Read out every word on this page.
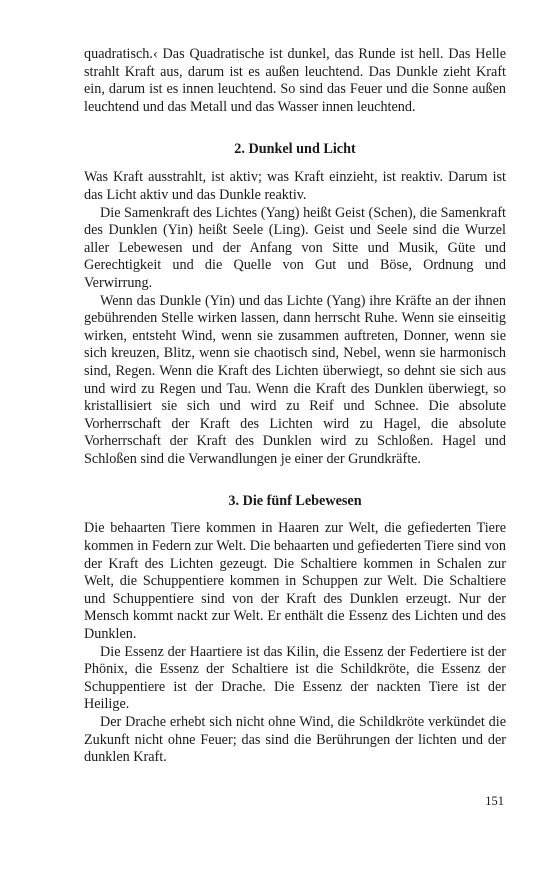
quadratisch.‹ Das Quadratische ist dunkel, das Runde ist hell. Das Helle strahlt Kraft aus, darum ist es außen leuchtend. Das Dunkle zieht Kraft ein, darum ist es innen leuchtend. So sind das Feuer und die Sonne außen leuchtend und das Metall und das Wasser innen leuchtend.

2. Dunkel und Licht

Was Kraft ausstrahlt, ist aktiv; was Kraft einzieht, ist reaktiv. Darum ist das Licht aktiv und das Dunkle reaktiv.

Die Samenkraft des Lichtes (Yang) heißt Geist (Schen), die Samenkraft des Dunklen (Yin) heißt Seele (Ling). Geist und Seele sind die Wurzel aller Lebewesen und der Anfang von Sitte und Musik, Güte und Gerechtigkeit und die Quelle von Gut und Böse, Ordnung und Verwirrung.

Wenn das Dunkle (Yin) und das Lichte (Yang) ihre Kräfte an der ihnen gebührenden Stelle wirken lassen, dann herrscht Ruhe. Wenn sie einseitig wirken, entsteht Wind, wenn sie zusammen auftreten, Donner, wenn sie sich kreuzen, Blitz, wenn sie chaotisch sind, Nebel, wenn sie harmonisch sind, Regen. Wenn die Kraft des Lichten überwiegt, so dehnt sie sich aus und wird zu Regen und Tau. Wenn die Kraft des Dunklen überwiegt, so kristallisiert sie sich und wird zu Reif und Schnee. Die absolute Vorherrschaft der Kraft des Lichten wird zu Hagel, die absolute Vorherrschaft der Kraft des Dunklen wird zu Schloßen. Hagel und Schloßen sind die Verwandlungen je einer der Grundkräfte.

3. Die fünf Lebewesen

Die behaarten Tiere kommen in Haaren zur Welt, die gefiederten Tiere kommen in Federn zur Welt. Die behaarten und gefiederten Tiere sind von der Kraft des Lichten gezeugt. Die Schaltiere kommen in Schalen zur Welt, die Schuppentiere kommen in Schuppen zur Welt. Die Schaltiere und Schuppentiere sind von der Kraft des Dunklen erzeugt. Nur der Mensch kommt nackt zur Welt. Er enthält die Essenz des Lichten und des Dunklen.

Die Essenz der Haartiere ist das Kilin, die Essenz der Federtiere ist der Phönix, die Essenz der Schaltiere ist die Schildkröte, die Essenz der Schuppentiere ist der Drache. Die Essenz der nackten Tiere ist der Heilige.

Der Drache erhebt sich nicht ohne Wind, die Schildkröte verkündet die Zukunft nicht ohne Feuer; das sind die Berührungen der lichten und der dunklen Kraft.

151
